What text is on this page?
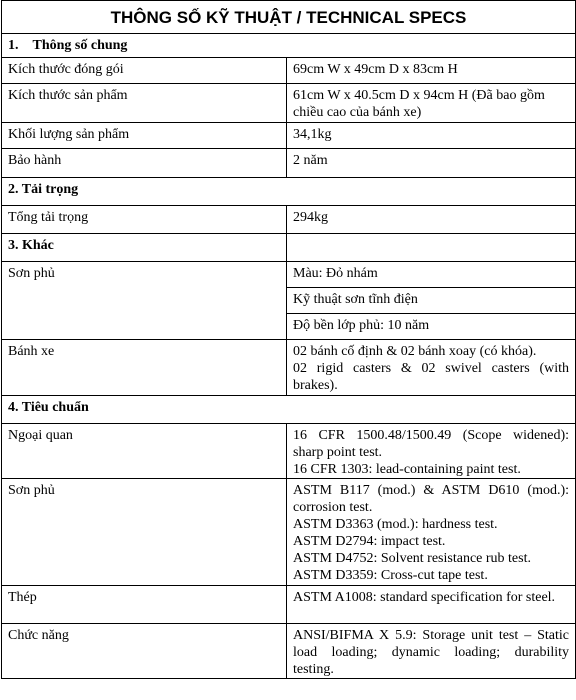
THÔNG SỐ KỸ THUẬT / TECHNICAL SPECS	
1. Thông số chung	
Kích thước đóng gói	69cm W x 49cm D x 83cm H
Kích thước sản phẩm	61cm W x 40.5cm D x 94cm H (Đã bao gồm chiều cao của bánh xe)
Khối lượng sản phẩm	34,1kg
Bảo hành	2 năm
2. Tải trọng	
Tổng tải trọng	294kg
3. Khác	
Sơn phủ	Màu: Đỏ nhám
	Kỹ thuật sơn tĩnh điện
	Độ bền lớp phủ: 10 năm
Bánh xe	02 bánh cố định & 02 bánh xoay (có khóa).
02 rigid casters & 02 swivel casters (with brakes).

4. Tiêu chuẩn	
Ngoại quan	16 CFR 1500.48/1500.49 (Scope widened): sharp point test.
16 CFR 1303: lead-containing paint test.

Sơn phủ	ASTM B117 (mod.) & ASTM D610 (mod.): corrosion test.
ASTM D3363 (mod.): hardness test.
ASTM D2794: impact test.
ASTM D4752: Solvent resistance rub test.
ASTM D3359: Cross-cut tape test.

Thép	ASTM A1008: standard specification for steel.

Chức năng	ANSI/BIFMA X 5.9: Storage unit test – Static load loading; dynamic loading; durability testing.
